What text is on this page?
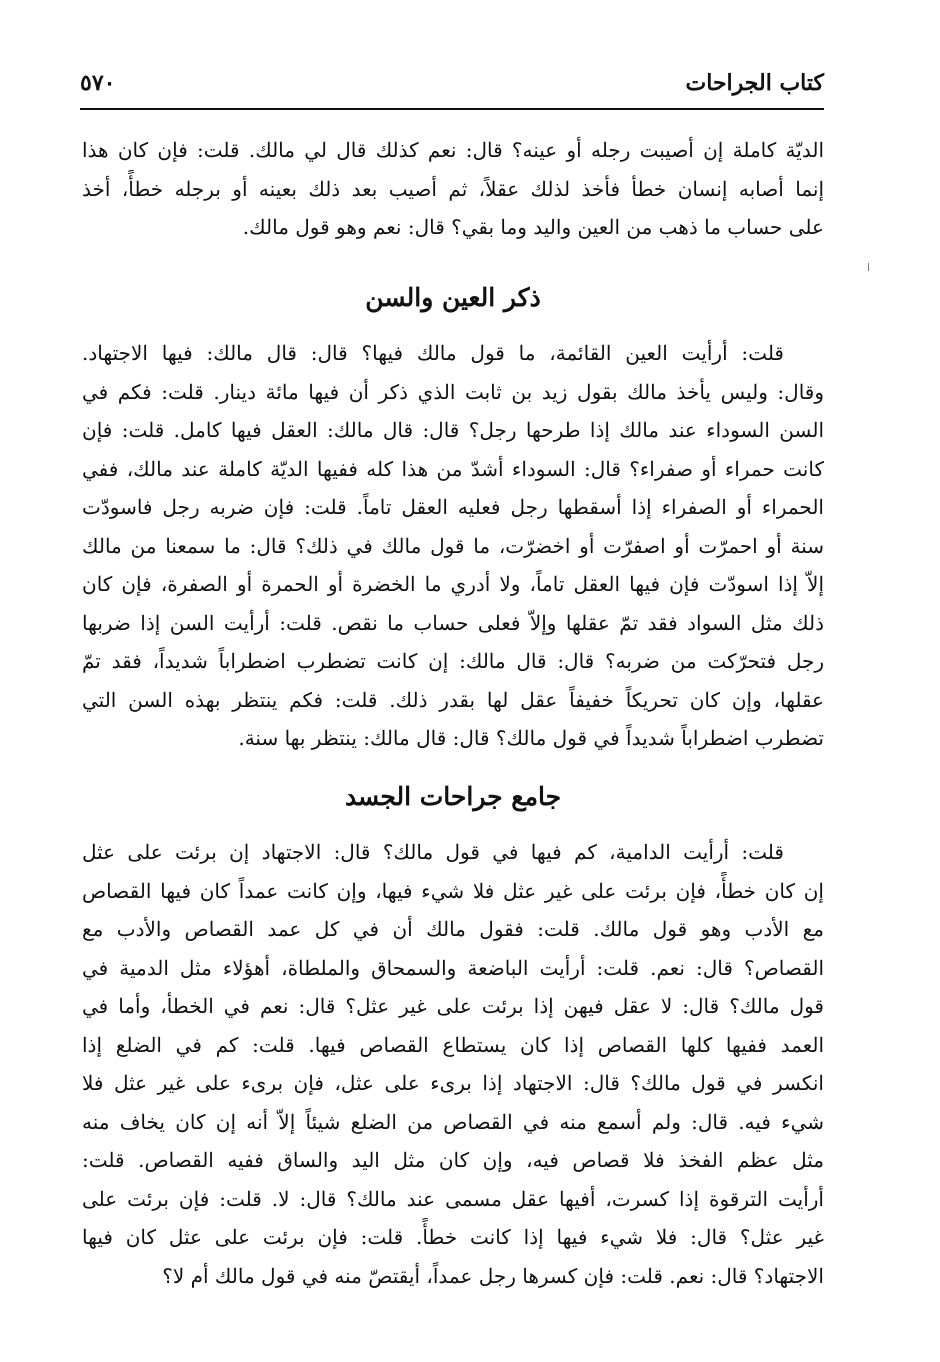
كتاب الجراحات
٥٧٠
الديّة كاملة إن أصيبت رجله أو عينه؟ قال: نعم كذلك قال لي مالك. قلت: فإن كان هذا
إنما أصابه إنسان خطأ فأخذ لذلك عقلاً، ثم أصيب بعد ذلك بعينه أو برجله خطأً، أخذ
على حساب ما ذهب من العين واليد وما بقي؟ قال: نعم وهو قول مالك.
ذكر العين والسن
قلت: أرأيت العين القائمة، ما قول مالك فيها؟ قال: قال مالك: فيها الاجتهاد.
وقال: وليس يأخذ مالك بقول زيد بن ثابت الذي ذكر أن فيها مائة دينار. قلت: فكم في
السن السوداء عند مالك إذا طرحها رجل؟ قال: قال مالك: العقل فيها كامل. قلت: فإن
كانت حمراء أو صفراء؟ قال: السوداء أشدّ من هذا كله ففيها الديّة كاملة عند مالك، ففي
الحمراء أو الصفراء إذا أسقطها رجل فعليه العقل تاماً. قلت: فإن ضربه رجل فاسودّت
سنة أو احمرّت أو اصفرّت أو اخضرّت، ما قول مالك في ذلك؟ قال: ما سمعنا من مالك
إلاّ إذا اسودّت فإن فيها العقل تاماً، ولا أدري ما الخضرة أو الحمرة أو الصفرة، فإن كان
ذلك مثل السواد فقد تمّ عقلها وإلاّ فعلى حساب ما نقص. قلت: أرأيت السن إذا ضربها
رجل فتحرّكت من ضربه؟ قال: قال مالك: إن كانت تضطرب اضطراباً شديداً، فقد تمّ
عقلها، وإن كان تحريكاً خفيفاً عقل لها بقدر ذلك. قلت: فكم ينتظر بهذه السن التي
تضطرب اضطراباً شديداً في قول مالك؟ قال: قال مالك: ينتظر بها سنة.
جامع جراحات الجسد
قلت: أرأيت الدامية، كم فيها في قول مالك؟ قال: الاجتهاد إن برئت على عثل
إن كان خطأً، فإن برئت على غير عثل فلا شيء فيها، وإن كانت عمداً كان فيها القصاص
مع الأدب وهو قول مالك. قلت: فقول مالك أن في كل عمد القصاص والأدب مع
القصاص؟ قال: نعم. قلت: أرأيت الباضعة والسمحاق والملطاة، أهؤلاء مثل الدمية في
قول مالك؟ قال: لا عقل فيهن إذا برئت على غير عثل؟ قال: نعم في الخطأ، وأما في
العمد ففيها كلها القصاص إذا كان يستطاع القصاص فيها. قلت: كم في الضلع إذا
انكسر في قول مالك؟ قال: الاجتهاد إذا برىء على عثل، فإن برىء على غير عثل فلا
شيء فيه. قال: ولم أسمع منه في القصاص من الضلع شيئاً إلاّ أنه إن كان يخاف منه
مثل عظم الفخذ فلا قصاص فيه، وإن كان مثل اليد والساق ففيه القصاص. قلت:
أرأيت الترقوة إذا كسرت، أفيها عقل مسمى عند مالك؟ قال: لا. قلت: فإن برئت على
غير عثل؟ قال: فلا شيء فيها إذا كانت خطأً. قلت: فإن برئت على عثل كان فيها
الاجتهاد؟ قال: نعم. قلت: فإن كسرها رجل عمداً، أيقتصّ منه في قول مالك أم لا؟
